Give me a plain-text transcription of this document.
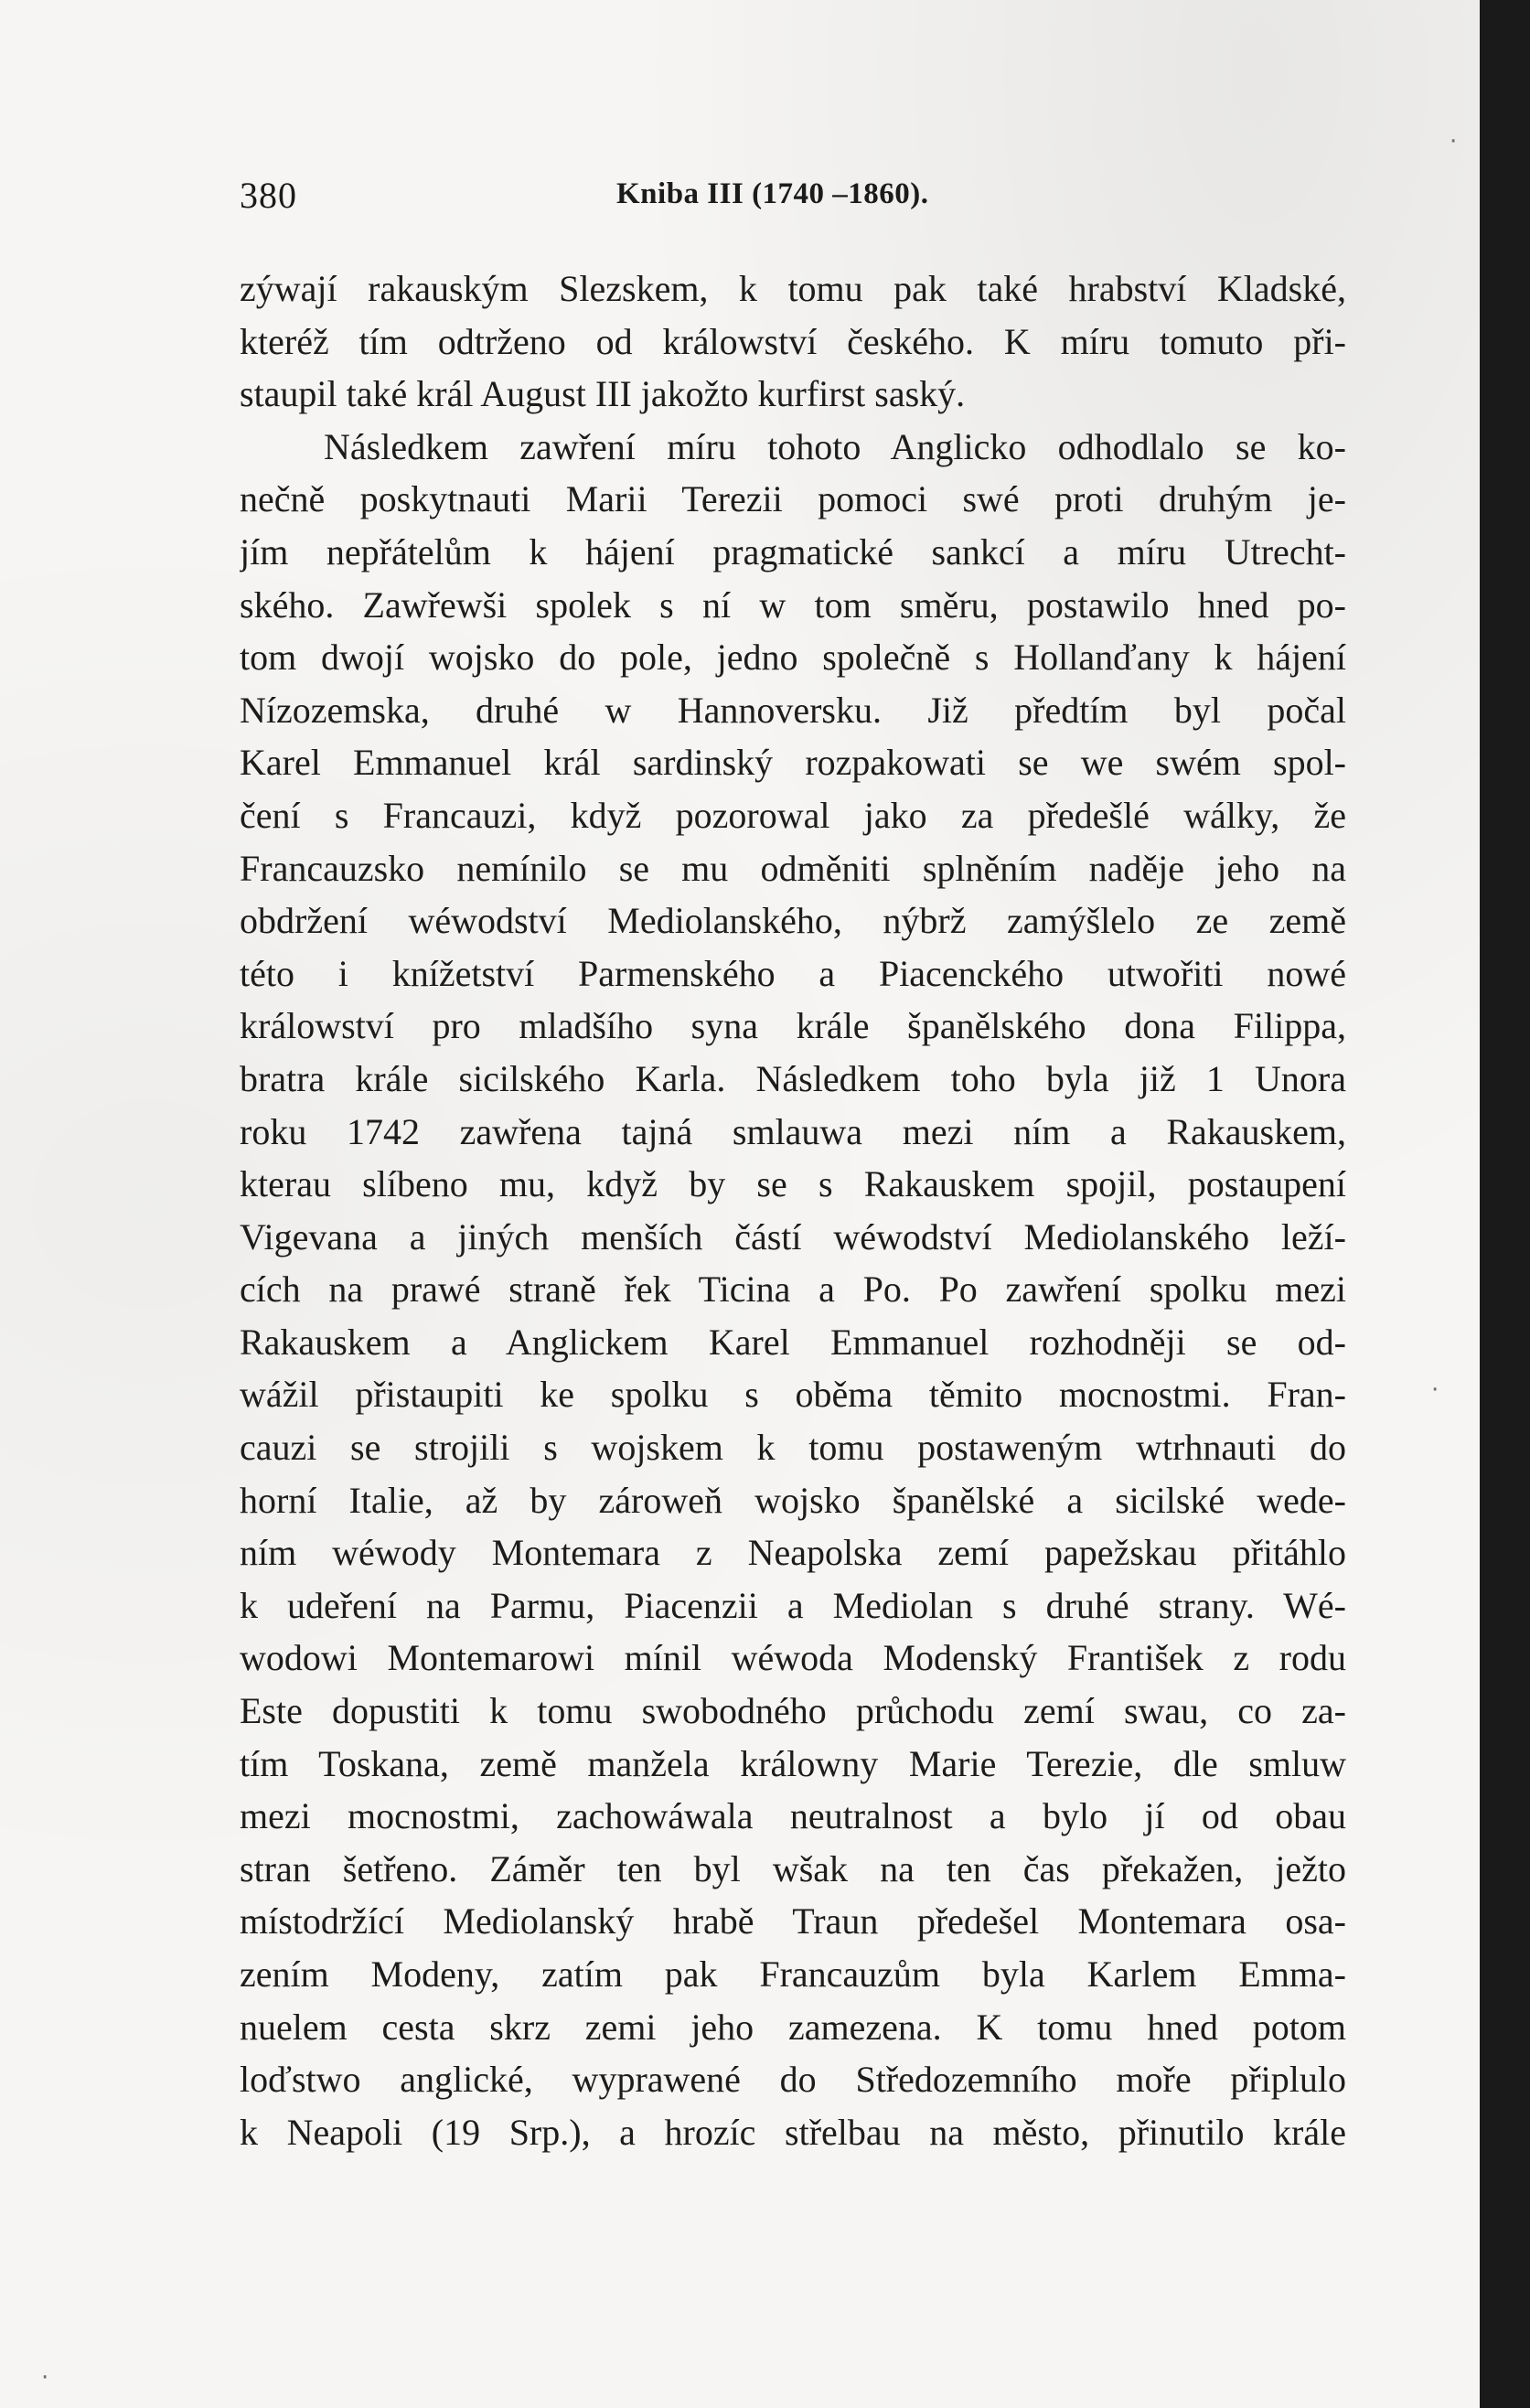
380	Kniba III (1740 –1860).
zýwají rakauským Slezskem, k tomu pak také hrabství Kladské,
kteréž tím odtrženo od králowství českého. K míru tomuto při-
staupil také král August III jakožto kurfirst saský.
Následkem zawření míru tohoto Anglicko odhodlalo se ko-
nečně poskytnauti Marii Terezii pomoci swé proti druhým je-
jím nepřátelům k hájení pragmatické sankcí a míru Utrecht-
ského. Zawřewši spolek s ní w tom směru, postawilo hned po-
tom dwojí wojsko do pole, jedno společně s Hollanďany k hájení
Nízozemska, druhé w Hannoversku. Již předtím byl počal
Karel Emmanuel král sardinský rozpakowati se we swém spol-
čení s Francauzi, když pozorowal jako za předešlé wálky, že
Francauzsko nemínilo se mu odměniti splněním naděje jeho na
obdržení wéwodství Mediolanského, nýbrž zamýšlelo ze země
této i knížetství Parmenského a Piacenckého utwořiti nowé
králowství pro mladšího syna krále španělského dona Filippa,
bratra krále sicilského Karla. Následkem toho byla již 1 Unora
roku 1742 zawřena tajná smlauwa mezi ním a Rakauskem,
kterau slíbeno mu, když by se s Rakauskem spojil, postaupení
Vigevana a jiných menších částí wéwodství Mediolanského leží-
cích na prawé straně řek Ticina a Po. Po zawření spolku mezi
Rakauskem a Anglickem Karel Emmanuel rozhodněji se od-
wážil přistaupiti ke spolku s oběma těmito mocnostmi. Fran-
cauzi se strojili s wojskem k tomu postaweným wtrhnauti do
horní Italie, až by zároweň wojsko španělské a sicilské wede-
ním wéwody Montemara z Neapolska zemí papežskau přitáhlo
k udeření na Parmu, Piacenzii a Mediolan s druhé strany. Wé-
wodowi Montemarowi mínil wéwoda Modenský František z rodu
Este dopustiti k tomu swobodného průchodu zemí swau, co za-
tím Toskana, země manžela králowny Marie Terezie, dle smluw
mezi mocnostmi, zachowáwala neutralnost a bylo jí od obau
stran šetřeno. Záměr ten byl wšak na ten čas překažen, ježto
místodržící Mediolanský hrabě Traun předešel Montemara osa-
zením Modeny, zatím pak Francauzům byla Karlem Emma-
nuelem cesta skrz zemi jeho zamezena. K tomu hned potom
loďstwo anglické, wyprawené do Středozemního moře připlulo
k Neapoli (19 Srp.), a hrozíc střelbau na město, přinutilo krále
·
·
·
